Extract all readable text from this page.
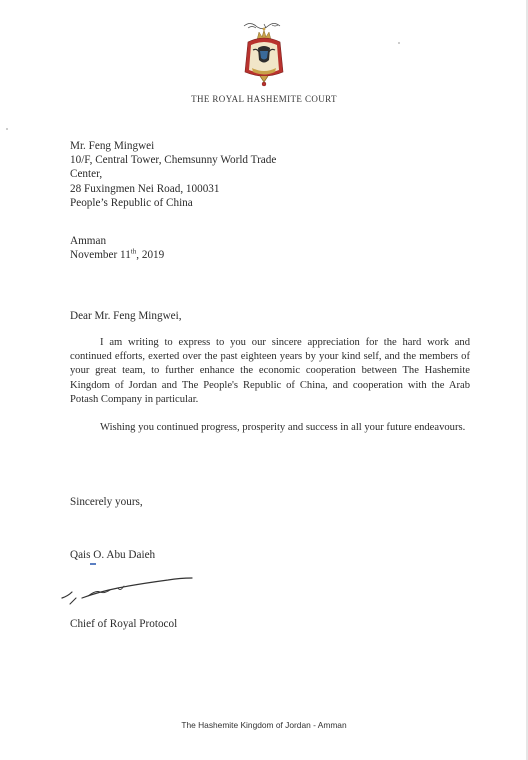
THE ROYAL HASHEMITE COURT
Mr. Feng Mingwei
10/F, Central Tower, Chemsunny World Trade
Center,
28 Fuxingmen Nei Road, 100031
People’s Republic of China
Amman
November 11th, 2019
Dear Mr. Feng Mingwei,

I am writing to express to you our sincere appreciation for the hard work and continued efforts, exerted over the past eighteen years by your kind self, and the members of your great team, to further enhance the economic cooperation between The Hashemite Kingdom of Jordan and The People's Republic of China, and cooperation with the Arab Potash Company in particular.

Wishing you continued progress, prosperity and success in all your future endeavours.

Sincerely yours,
Qais O. Abu Daieh
Chief of Royal Protocol
The Hashemite Kingdom of Jordan - Amman
